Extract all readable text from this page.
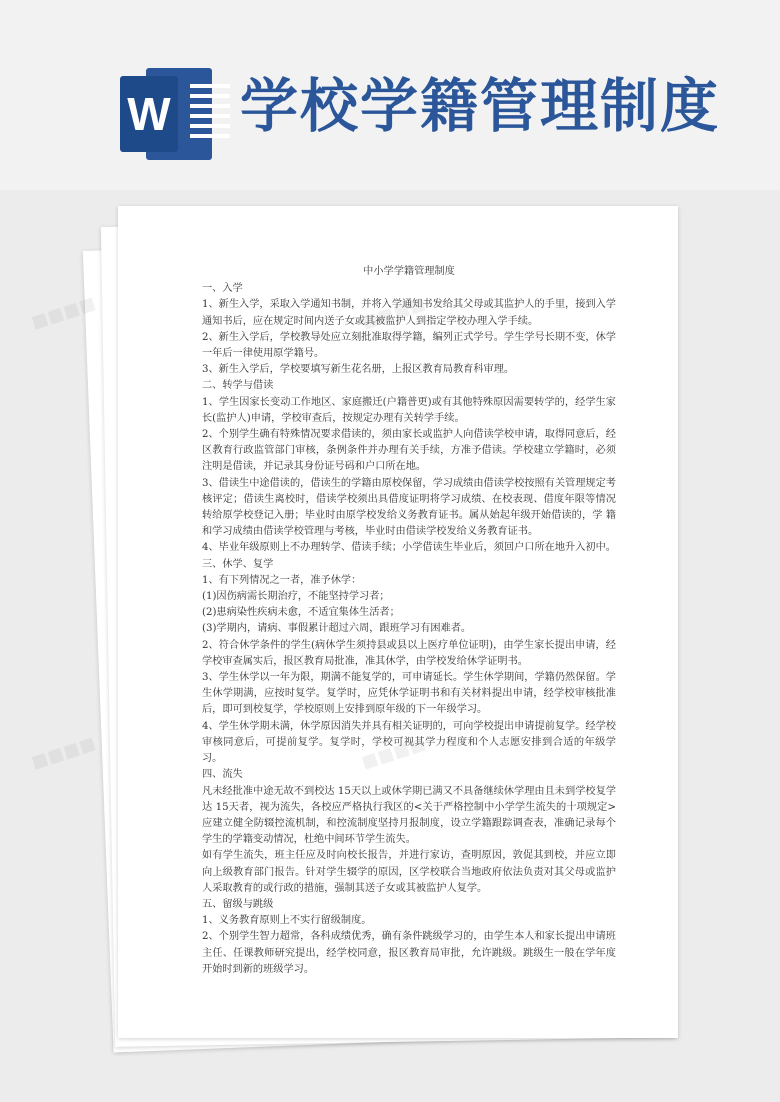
W 学校学籍管理制度
中小学学籍管理制度

一、入学

1、新生入学，采取入学通知书制，并将入学通知书发给其父母或其监护人的手里，接到入学通知书后，应在规定时间内送子女或其被监护人到指定学校办理入学手续。

2、新生入学后，学校教导处应立刻批准取得学籍，编列正式学号。学生学号长期不变，休学一年后一律使用原学籍号。

3、新生入学后，学校要填写新生花名册，上报区教育局教育科审理。

二、转学与借读

1、学生因家长变动工作地区、家庭搬迁(户籍普更)或有其他特殊原因需要转学的，经学生家长(监护人)申请，学校审查后，按规定办理有关转学手续。

2、个别学生确有特殊情况要求借读的，须由家长或监护人向借读学校申请，取得同意后，经区教育行政监管部门审核，条例条件并办理有关手续，方准予借读。学校建立学籍时，必须注明是借读，并记录其身份证号码和户口所在地。

3、借读生中途借读的，借读生的学籍由原校保留，学习成绩由借读学校按照有关管理规定考核评定；借读生离校时，借读学校须出具借度证明将学习成绩、在校表现、借度年限等情况转给原学校登记入册；毕业时由原学校发给义务教育证书。属从始起年级开始借读的，学 籍和学习成绩由借读学校管理与考核，毕业时由借读学校发给义务教育证书。

4、毕业年级原则上不办理转学、借读手续；小学借读生毕业后，须回户口所在地升入初中。三、休学、复学

1、有下列情况之一者，准予休学：

(1)因伤病需长期治疗，不能坚持学习者；

(2)患病染性疾病未愈，不适宜集体生活者；

(3)学期内，请病、事假累计超过六周，跟班学习有困难者。

2、符合休学条件的学生(病休学生须持县或县以上医疗单位证明)，由学生家长提出申请，经学校审查属实后，报区教育局批准，准其休学，由学校发给休学证明书。

3、学生休学以一年为限，期满不能复学的，可申请延长。学生休学期间，学籍仍然保留。学生休学期满，应按时复学。复学时，应凭休学证明书和有关材料提出申请，经学校审核批准后，即可到校复学，学校原则上安排到原年级的下一年级学习。

4、学生休学期未满，休学原因消失并具有相关证明的，可向学校提出申请提前复学。经学校审核同意后，可提前复学。复学时，学校可视其学力程度和个人志愿安排到合适的年级学习。

四、流失

凡未经批准中途无故不到校达 15天以上或休学期已满又不具备继续休学理由且未到学校复学达 15天者，视为流失，各校应严格执行我区的<关于严格控制中小学学生流失的十项规定>应建立健全防辍控流机制，和控流制度坚持月报制度，设立学籍跟踪调查表，准确记录每个学生的学籍变动情况，杜绝中间环节学生流失。

如有学生流失，班主任应及时向校长报告，并进行家访，查明原因，敦促其到校，并应立即向上级教育部门报告。针对学生辍学的原因，区学校联合当地政府依法负责对其父母或监护 人采取教育的或行政的措施，强制其送子女或其被监护人复学。

五、留级与跳级

1、义务教育原则上不实行留级制度。

2、个别学生智力超常，各科成绩优秀，确有条件跳级学习的，由学生本人和家长提出申请班主任、任课教师研究提出，经学校同意，报区教育局审批，允许跳级。跳级生一般在学年度开始时到新的班级学习。

◼◼◼◼	◼◼◼◼
◼◼◼◼	◼◼◼◼
